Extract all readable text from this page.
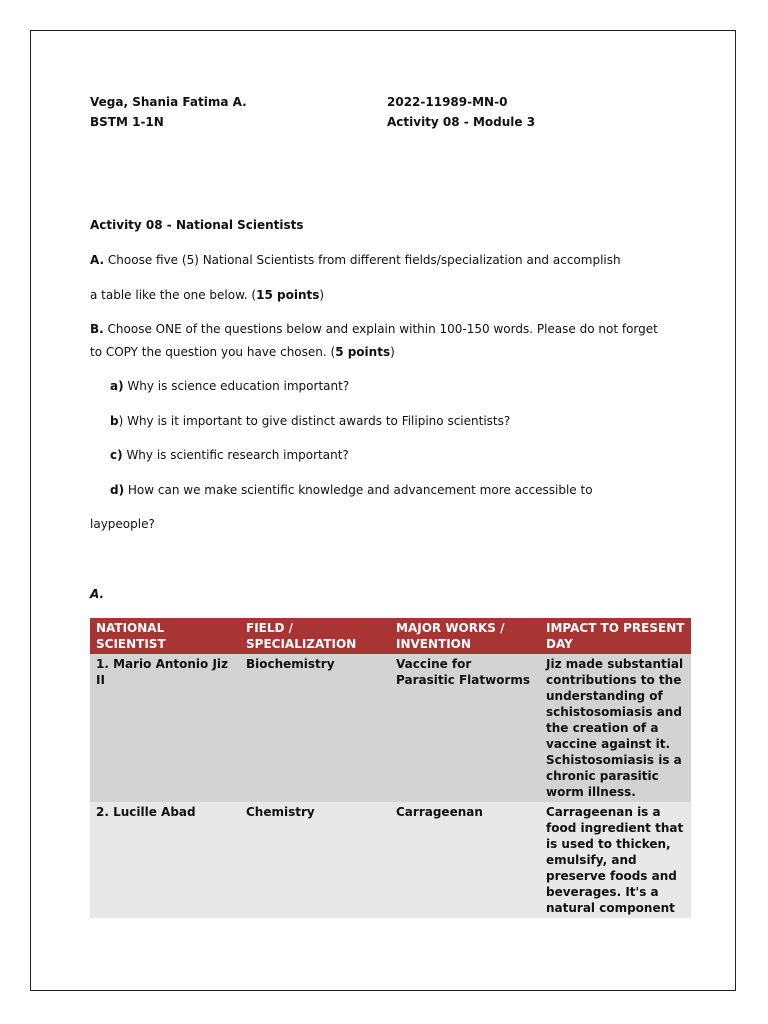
Vega, Shania Fatima A.
BSTM 1-1N
2022-11989-MN-0
Activity 08 - Module 3
Activity 08 - National Scientists
A. Choose five (5) National Scientists from different fields/specialization and accomplish
a table like the one below. (15 points)
B. Choose ONE of the questions below and explain within 100-150 words. Please do not forget
to COPY the question you have chosen. (5 points)
a) Why is science education important?
b) Why is it important to give distinct awards to Filipino scientists?
c) Why is scientific research important?
d) How can we make scientific knowledge and advancement more accessible to
laypeople?
A.
NATIONAL SCIENTIST	FIELD / SPECIALIZATION	MAJOR WORKS / INVENTION	IMPACT TO PRESENT DAY
1. Mario Antonio Jiz II	Biochemistry	Vaccine for Parasitic Flatworms	Jiz made substantial contributions to the understanding of schistosomiasis and the creation of a vaccine against it. Schistosomiasis is a chronic parasitic worm illness.
2. Lucille Abad	Chemistry	Carrageenan	Carrageenan is a food ingredient that is used to thicken, emulsify, and preserve foods and beverages. It's a natural component
